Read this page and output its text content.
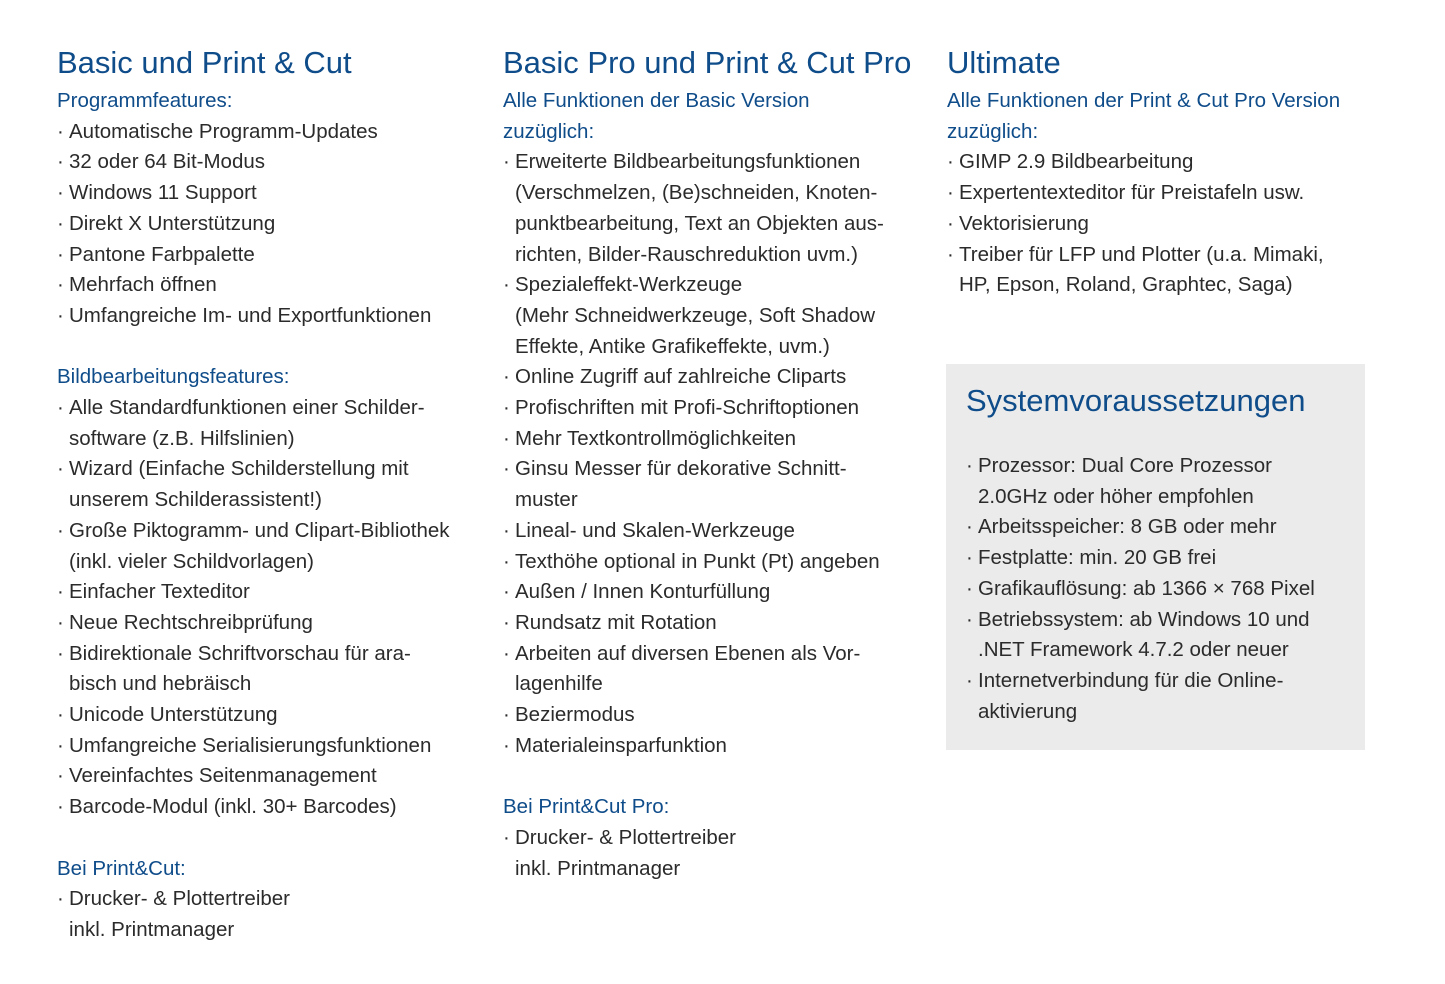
Basic und Print & Cut

Programmfeatures:

· Automatische Programm-Updates
· 32 oder 64 Bit-Modus
· Windows 11 Support
· Direkt X Unterstützung
· Pantone Farbpalette
· Mehrfach öffnen
· Umfangreiche Im- und Exportfunktionen

Bildbearbeitungsfeatures:

· Alle Standardfunktionen einer Schilder-
software (z.B. Hilfslinien)
· Wizard (Einfache Schilderstellung mit
unserem Schilderassistent!)
· Große Piktogramm- und Clipart-Bibliothek
(inkl. vieler Schildvorlagen)
· Einfacher Texteditor
· Neue Rechtschreibprüfung
· Bidirektionale Schriftvorschau für ara-
bisch und hebräisch
· Unicode Unterstützung
· Umfangreiche Serialisierungsfunktionen
· Vereinfachtes Seitenmanagement
· Barcode-Modul (inkl. 30+ Barcodes)

Bei Print&Cut:

· Drucker- & Plottertreiber
inkl. Printmanager
Basic Pro und Print & Cut Pro

Alle Funktionen der Basic Version
zuzüglich:

· Erweiterte Bildbearbeitungsfunktionen
(Verschmelzen, (Be)schneiden, Knoten-
punktbearbeitung, Text an Objekten aus-
richten, Bilder-Rauschreduktion uvm.)
· Spezialeffekt-Werkzeuge
(Mehr Schneidwerkzeuge, Soft Shadow
Effekte, Antike Grafikeffekte, uvm.)
· Online Zugriff auf zahlreiche Cliparts
· Profischriften mit Profi-Schriftoptionen
· Mehr Textkontrollmöglichkeiten
· Ginsu Messer für dekorative Schnitt-
muster
· Lineal- und Skalen-Werkzeuge
· Texthöhe optional in Punkt (Pt) angeben
· Außen / Innen Konturfüllung
· Rundsatz mit Rotation
· Arbeiten auf diversen Ebenen als Vor-
lagenhilfe
· Beziermodus
· Materialeinsparfunktion

Bei Print&Cut Pro:

· Drucker- & Plottertreiber
inkl. Printmanager
Ultimate

Alle Funktionen der Print & Cut Pro Version
zuzüglich:

· GIMP 2.9 Bildbearbeitung
· Expertentexteditor für Preistafeln usw.
· Vektorisierung
· Treiber für LFP und Plotter (u.a. Mimaki,
HP, Epson, Roland, Graphtec, Saga)
Systemvoraussetzungen
· Prozessor: Dual Core Prozessor
2.0GHz oder höher empfohlen
· Arbeitsspeicher: 8 GB oder mehr
· Festplatte: min. 20 GB frei
· Grafikauflösung: ab 1366 × 768 Pixel
· Betriebssystem: ab Windows 10 und
.NET Framework 4.7.2 oder neuer
· Internetverbindung für die Online-
aktivierung
